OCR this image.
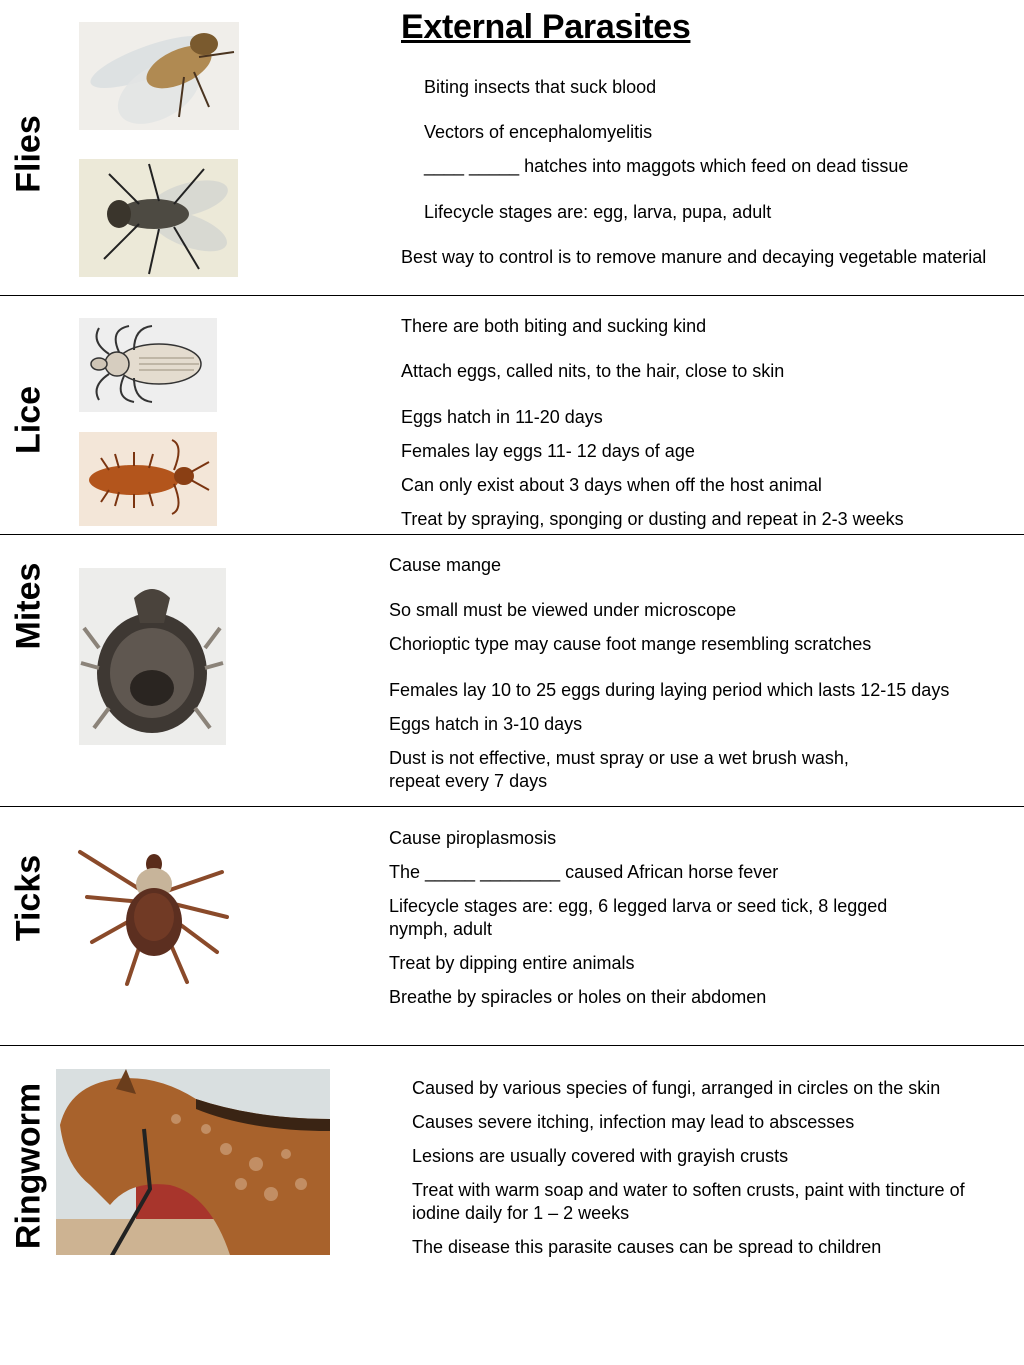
External Parasites
Flies
Biting insects that suck blood
Vectors of encephalomyelitis
____ _____ hatches into maggots which feed on dead tissue
Lifecycle stages are: egg, larva, pupa, adult
Best way to control is to remove manure and decaying vegetable material
Lice
There are both biting and sucking kind
Attach eggs, called nits, to the hair, close to skin
Eggs hatch in 11-20 days
Females lay eggs 11- 12 days of age
Can only exist about 3 days when off the host animal
Treat by spraying, sponging or dusting and repeat in 2-3 weeks
Mites	Cause mange
So small must be viewed under microscope
Chorioptic type may cause foot mange resembling scratches
Females lay 10 to 25 eggs during laying period which lasts 12-15 days
Eggs hatch in 3-10 days
Dust is not effective, must spray or use a wet brush wash,
repeat every 7 days
Ticks
Cause piroplasmosis
The _____ ________ caused African horse fever
Lifecycle stages are: egg, 6 legged larva or seed tick, 8 legged
nymph, adult
Treat by dipping entire animals
Breathe by spiracles or holes on their abdomen
Ringworm	Caused by various species of fungi, arranged in circles on the skin
Causes severe itching, infection may lead to abscesses
Lesions are usually covered with grayish crusts
Treat with warm soap and water to soften crusts, paint with tincture of
iodine daily for 1 – 2 weeks
The disease this parasite causes can be spread to children
